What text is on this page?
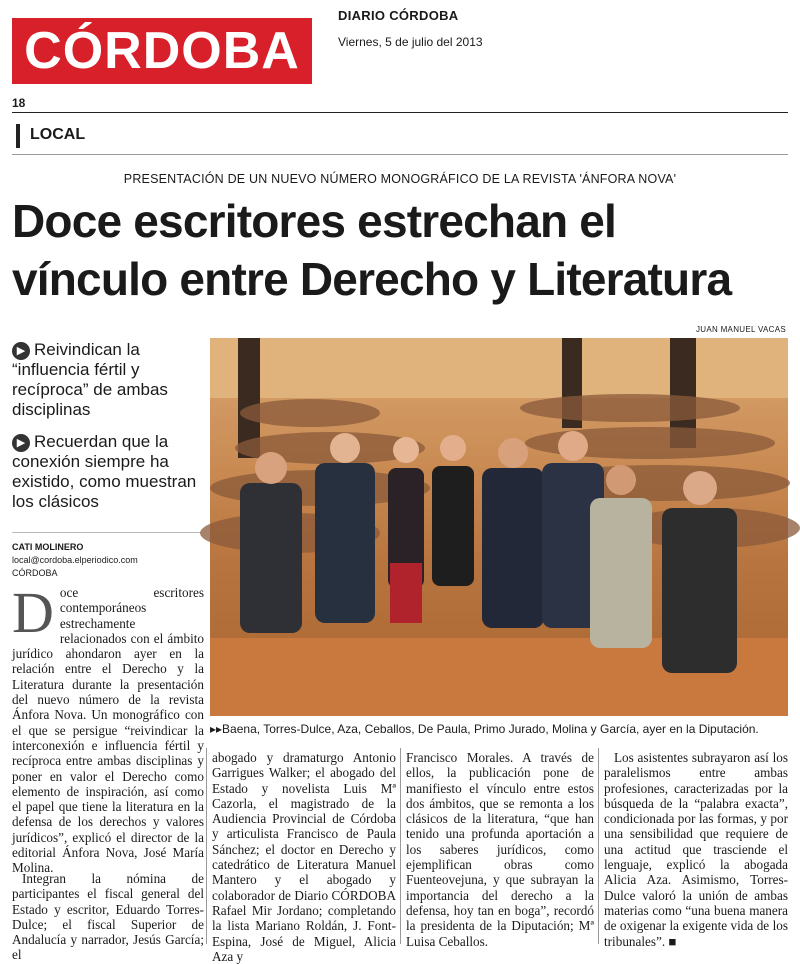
CÓRDOBA
DIARIO CÓRDOBA
Viernes, 5 de julio del 2013
18
LOCAL
PRESENTACIÓN DE UN NUEVO NÚMERO MONOGRÁFICO DE LA REVISTA 'ÁNFORA NOVA'
Doce escritores estrechan el
vínculo entre Derecho y Literatura
▶ Reivindican la “influencia fértil y recíproca” de ambas disciplinas
▶ Recuerdan que la conexión siempre ha existido, como muestran los clásicos
CATI MOLINERO
local@cordoba.elperiodico.com
CÓRDOBA
JUAN MANUEL VACAS
▸▸Baena, Torres-Dulce, Aza, Ceballos, De Paula, Primo Jurado, Molina y García, ayer en la Diputación.
Doce escritores contemporáneos estrechamente relacionados con el ámbito jurídico ahondaron ayer en la relación entre el Derecho y la Literatura durante la presentación del nuevo número de la revista Ánfora Nova. Un monográfico con el que se persigue “reivindicar la interconexión e influencia fértil y recíproca entre ambas disciplinas y poner en valor el Derecho como elemento de inspiración, así como el papel que tiene la literatura en la defensa de los derechos y valores jurídicos”, explicó el director de la editorial Ánfora Nova, José María Molina.
Integran la nómina de participantes el fiscal general del Estado y escritor, Eduardo Torres-Dulce; el fiscal Superior de Andalucía y narrador, Jesús García; el
abogado y dramaturgo Antonio Garrigues Walker; el abogado del Estado y novelista Luis Mª Cazorla, el magistrado de la Audiencia Provincial de Córdoba y articulista Francisco de Paula Sánchez; el doctor en Derecho y catedrático de Literatura Manuel Mantero y el abogado y colaborador de Diario CÓRDOBA Rafael Mir Jordano; completando la lista Mariano Roldán, J. Font-Espina, José de Miguel, Alicia Aza y
Francisco Morales. A través de ellos, la publicación pone de manifiesto el vínculo entre estos dos ámbitos, que se remonta a los clásicos de la literatura, “que han tenido una profunda aportación a los saberes jurídicos, como ejemplifican obras como Fuenteovejuna, y que subrayan la importancia del derecho a la defensa, hoy tan en boga”, recordó la presidenta de la Diputación; Mª Luisa Ceballos.
Los asistentes subrayaron así los paralelismos entre ambas profesiones, caracterizadas por la búsqueda de la “palabra exacta”, condicionada por las formas, y por una sensibilidad que requiere de una actitud que trasciende el lenguaje, explicó la abogada Alicia Aza. Asimismo, Torres-Dulce valoró la unión de ambas materias como “una buena manera de oxigenar la exigente vida de los tribunales”. ■
